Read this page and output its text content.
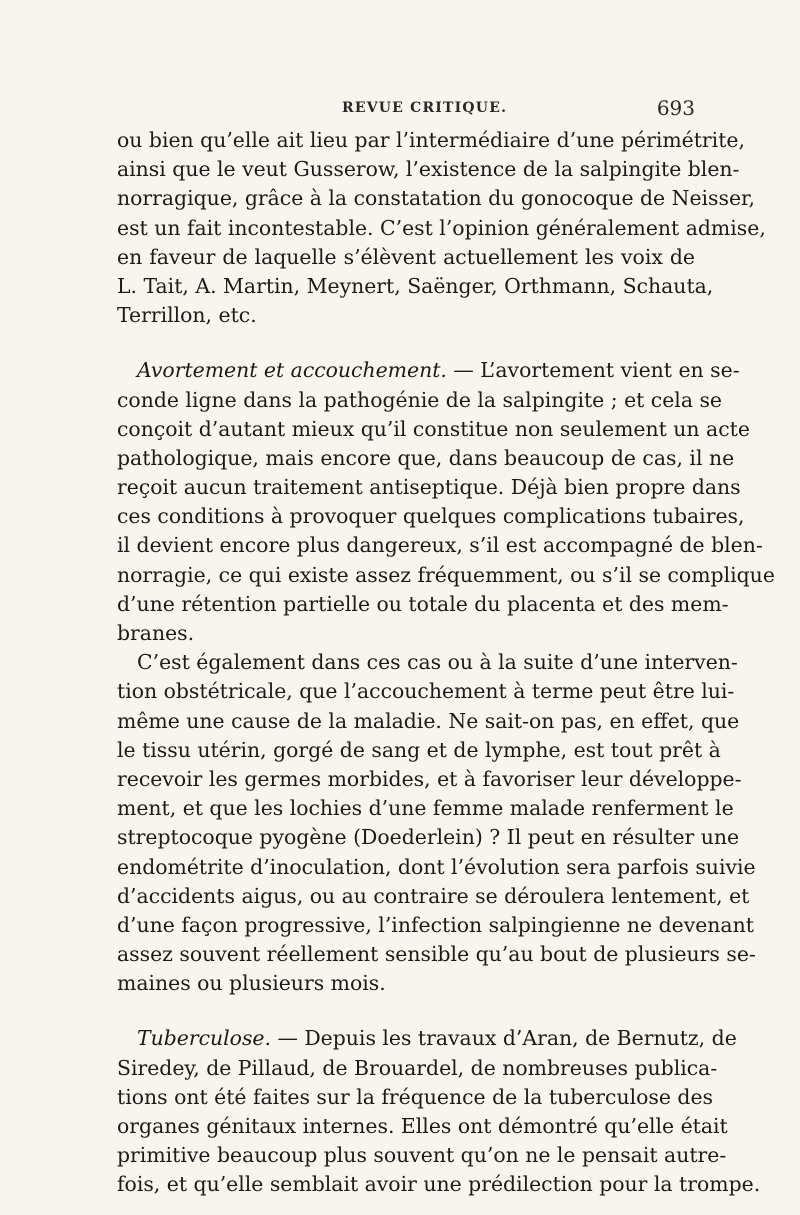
REVUE CRITIQUE.	693
ou bien qu’elle ait lieu par l’intermédiaire d’une périmétrite,
ainsi que le veut Gusserow, l’existence de la salpingite blen-
norragique, grâce à la constatation du gonocoque de Neisser,
est un fait incontestable. C’est l’opinion généralement admise,
en faveur de laquelle s’élèvent actuellement les voix de
L. Tait, A. Martin, Meynert, Saënger, Orthmann, Schauta,
Terrillon, etc.
Avortement et accouchement. — L’avortement vient en se-
conde ligne dans la pathogénie de la salpingite ; et cela se
conçoit d’autant mieux qu’il constitue non seulement un acte
pathologique, mais encore que, dans beaucoup de cas, il ne
reçoit aucun traitement antiseptique. Déjà bien propre dans
ces conditions à provoquer quelques complications tubaires,
il devient encore plus dangereux, s’il est accompagné de blen-
norragie, ce qui existe assez fréquemment, ou s’il se complique
d’une rétention partielle ou totale du placenta et des mem-
branes.
C’est également dans ces cas ou à la suite d’une interven-
tion obstétricale, que l’accouchement à terme peut être lui-
même une cause de la maladie. Ne sait-on pas, en effet, que
le tissu utérin, gorgé de sang et de lymphe, est tout prêt à
recevoir les germes morbides, et à favoriser leur développe-
ment, et que les lochies d’une femme malade renferment le
streptocoque pyogène (Doederlein) ? Il peut en résulter une
endométrite d’inoculation, dont l’évolution sera parfois suivie
d’accidents aigus, ou au contraire se déroulera lentement, et
d’une façon progressive, l’infection salpingienne ne devenant
assez souvent réellement sensible qu’au bout de plusieurs se-
maines ou plusieurs mois.
Tuberculose. — Depuis les travaux d’Aran, de Bernutz, de
Siredey, de Pillaud, de Brouardel, de nombreuses publica-
tions ont été faites sur la fréquence de la tuberculose des
organes génitaux internes. Elles ont démontré qu’elle était
primitive beaucoup plus souvent qu’on ne le pensait autre-
fois, et qu’elle semblait avoir une prédilection pour la trompe.
